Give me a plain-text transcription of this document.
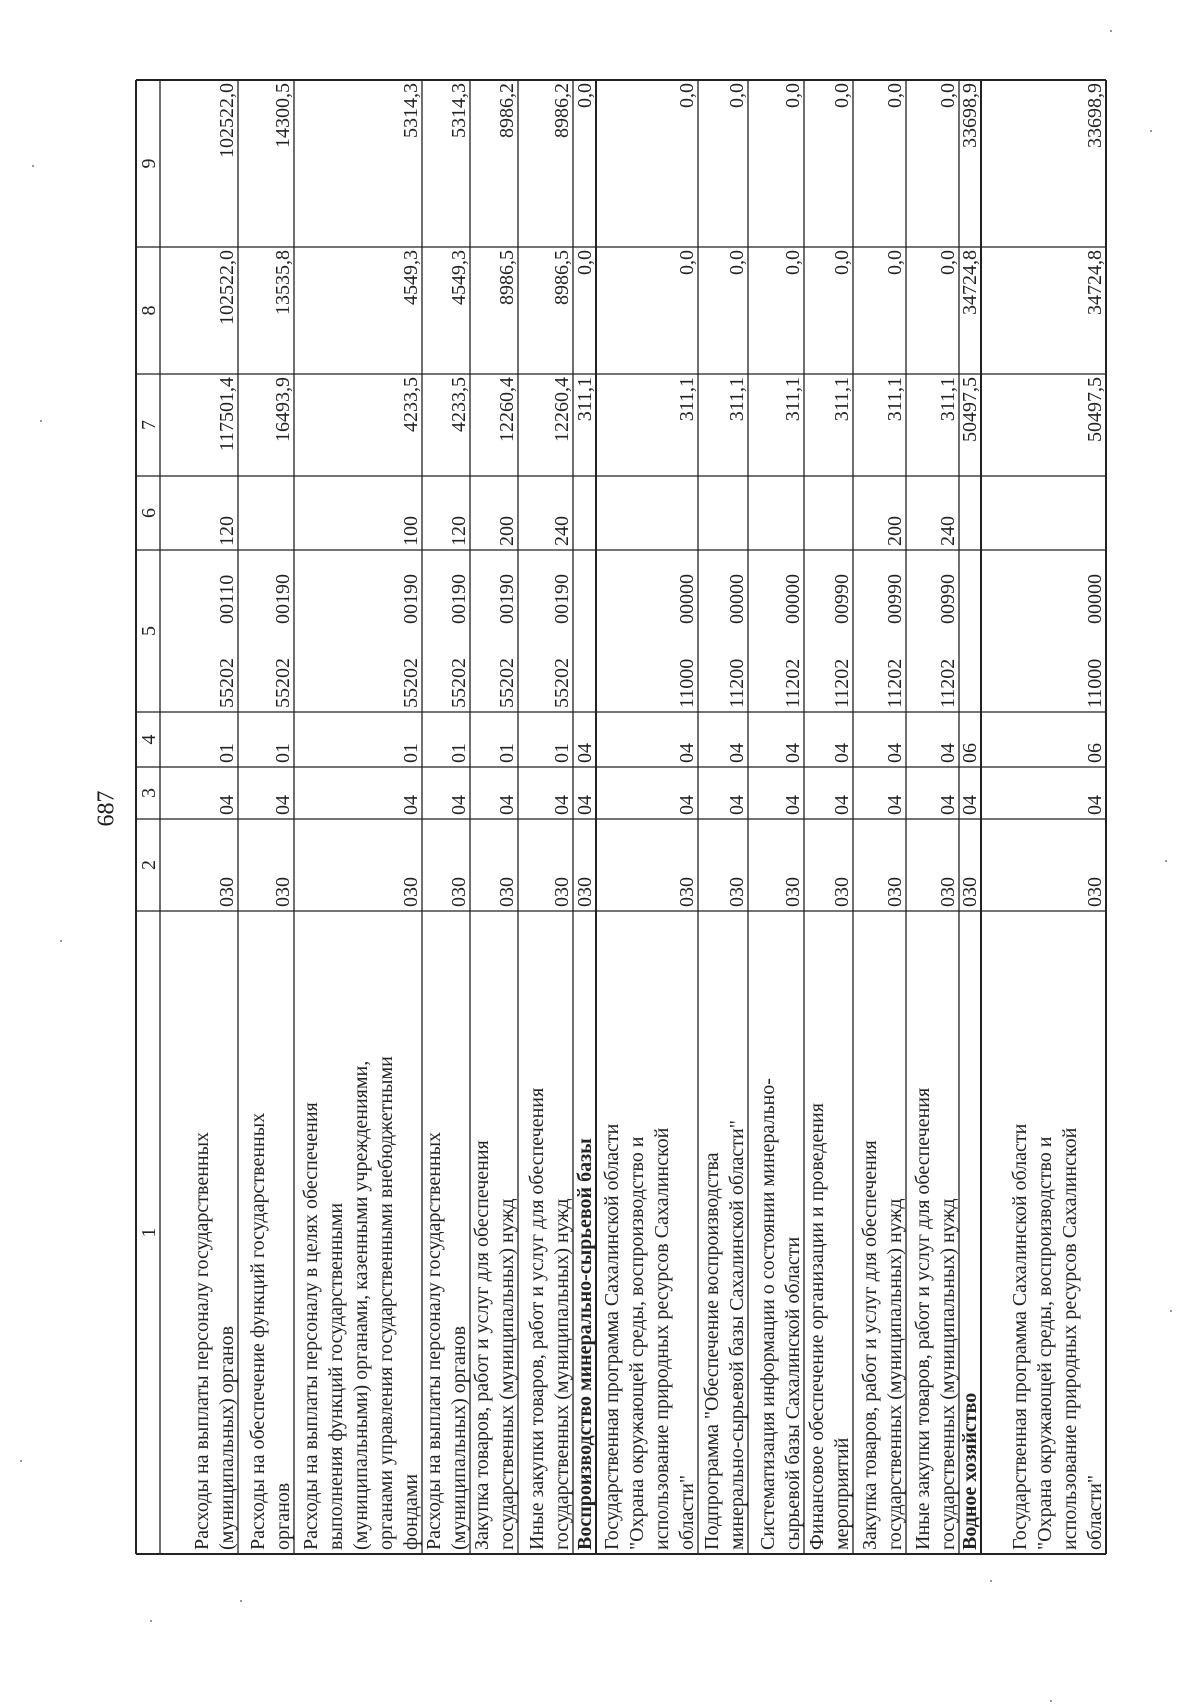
687
1
2
3
4
5
6
7
8
9
Расходы на выплаты персоналу государственных (муниципальных) органов
030
04
01
55202
00110
120
117501,4
102522,0
102522,0
Расходы на обеспечение функций государственных органов
030
04
01
55202
00190
16493,9
13535,8
14300,5
Расходы на выплаты персоналу в целях обеспечения выполнения функций государственными (муниципальными) органами, казенными учреждениями, органами управления государственными внебюджетными фондами
030
04
01
55202
00190
100
4233,5
4549,3
5314,3
Расходы на выплаты персоналу государственных (муниципальных) органов
030
04
01
55202
00190
120
4233,5
4549,3
5314,3
Закупка товаров, работ и услуг для обеспечения государственных (муниципальных) нужд
030
04
01
55202
00190
200
12260,4
8986,5
8986,2
Иные закупки товаров, работ и услуг для обеспечения государственных (муниципальных) нужд
030
04
01
55202
00190
240
12260,4
8986,5
8986,2
Воспроизводство минерально-сырьевой базы
030
04
04
311,1
0,0
0,0
Государственная программа Сахалинской области "Охрана окружающей среды, воспроизводство и использование природных ресурсов Сахалинской области"
030
04
04
11000
00000
311,1
0,0
0,0
Подпрограмма "Обеспечение воспроизводства минерально-сырьевой базы Сахалинской области"
030
04
04
11200
00000
311,1
0,0
0,0
Систематизация информации о состоянии минерально- сырьевой базы Сахалинской области
030
04
04
11202
00000
311,1
0,0
0,0
Финансовое обеспечение организации и проведения мероприятий
030
04
04
11202
00990
311,1
0,0
0,0
Закупка товаров, работ и услуг для обеспечения государственных (муниципальных) нужд
030
04
04
11202
00990
200
311,1
0,0
0,0
Иные закупки товаров, работ и услуг для обеспечения государственных (муниципальных) нужд
030
04
04
11202
00990
240
311,1
0,0
0,0
Водное хозяйство
030
04
06
50497,5
34724,8
33698,9
Государственная программа Сахалинской области "Охрана окружающей среды, воспроизводство и использование природных ресурсов Сахалинской области"
030
04
06
11000
00000
50497,5
34724,8
33698,9
